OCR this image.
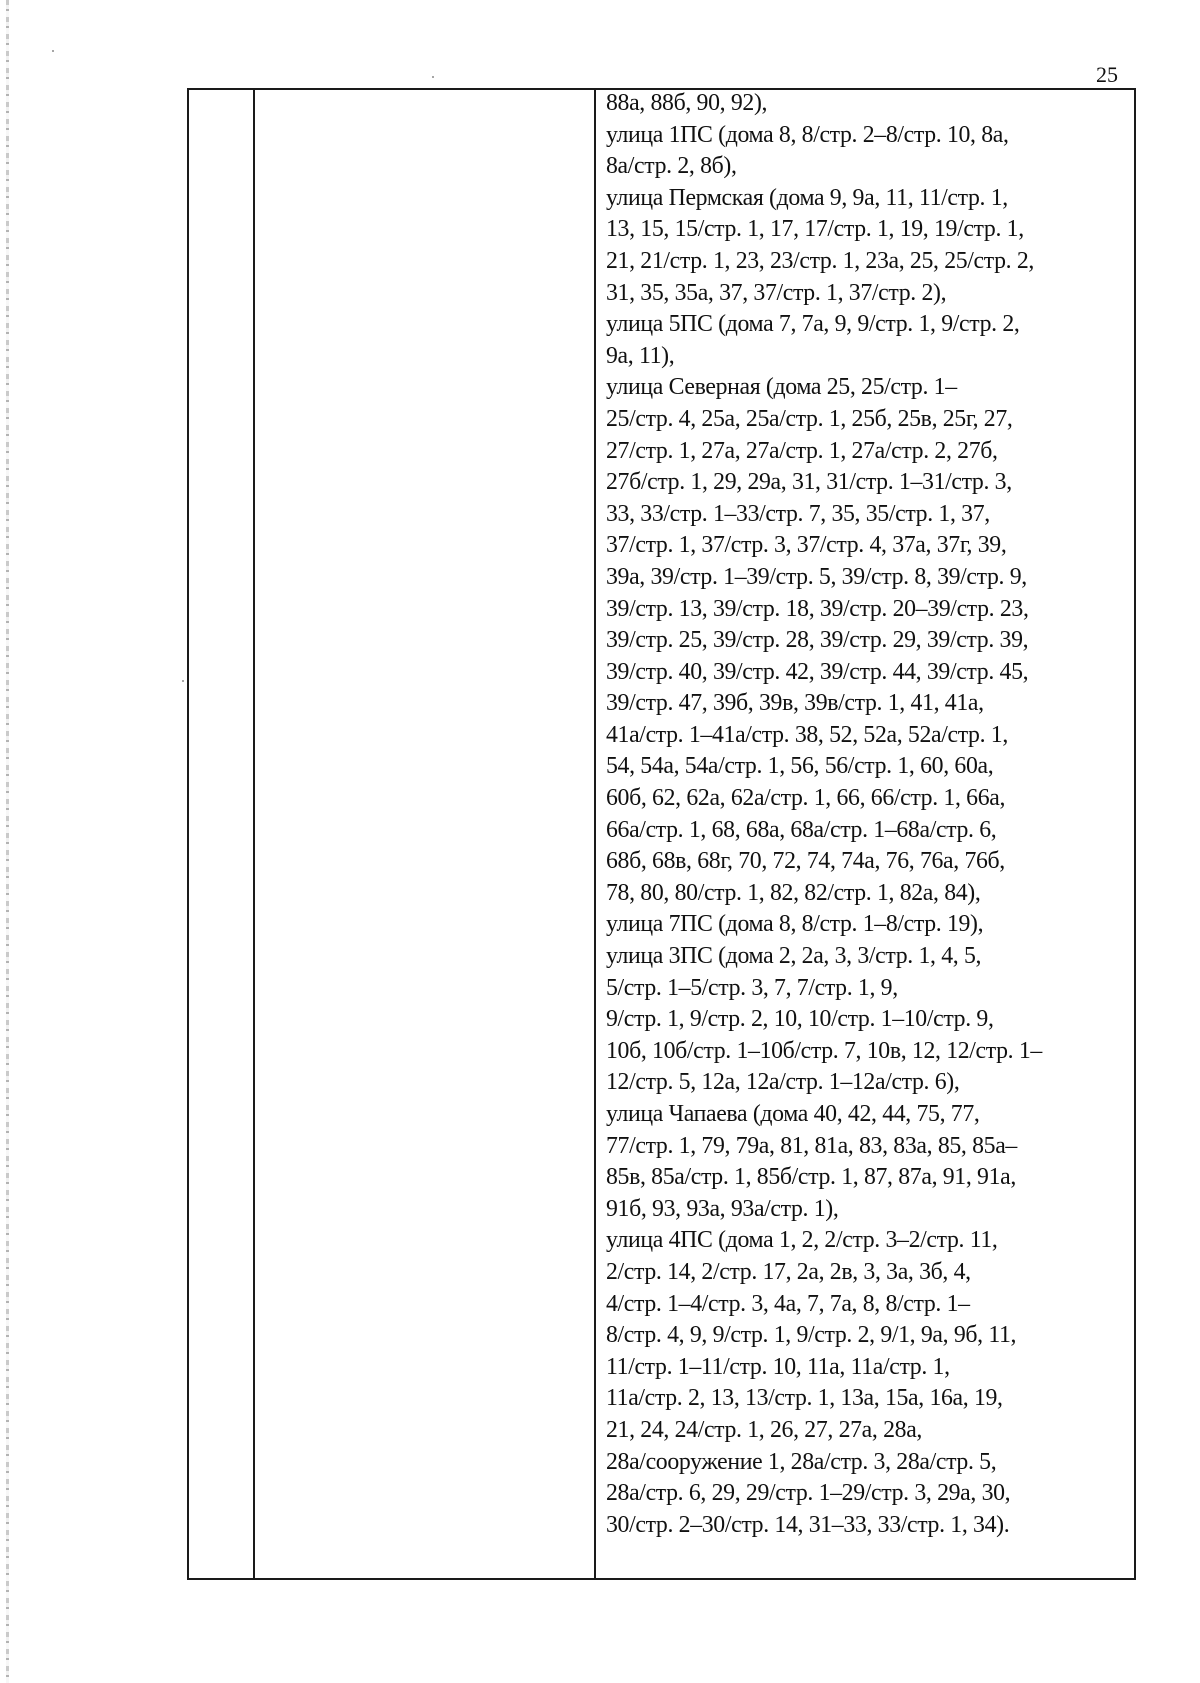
25
88а, 88б, 90, 92),
улица 1ПС (дома 8, 8/стр. 2–8/стр. 10, 8а,
8а/стр. 2, 8б),
улица Пермская (дома 9, 9а, 11, 11/стр. 1,
13, 15, 15/стр. 1, 17, 17/стр. 1, 19, 19/стр. 1,
21, 21/стр. 1, 23, 23/стр. 1, 23а, 25, 25/стр. 2,
31, 35, 35а, 37, 37/стр. 1, 37/стр. 2),
улица 5ПС (дома 7, 7а, 9, 9/стр. 1, 9/стр. 2,
9а, 11),
улица Северная (дома 25, 25/стр. 1–
25/стр. 4, 25а, 25а/стр. 1, 25б, 25в, 25г, 27,
27/стр. 1, 27а, 27а/стр. 1, 27а/стр. 2, 27б,
27б/стр. 1, 29, 29а, 31, 31/стр. 1–31/стр. 3,
33, 33/стр. 1–33/стр. 7, 35, 35/стр. 1, 37,
37/стр. 1, 37/стр. 3, 37/стр. 4, 37а, 37г, 39,
39а, 39/стр. 1–39/стр. 5, 39/стр. 8, 39/стр. 9,
39/стр. 13, 39/стр. 18, 39/стр. 20–39/стр. 23,
39/стр. 25, 39/стр. 28, 39/стр. 29, 39/стр. 39,
39/стр. 40, 39/стр. 42, 39/стр. 44, 39/стр. 45,
39/стр. 47, 39б, 39в, 39в/стр. 1, 41, 41а,
41а/стр. 1–41а/стр. 38, 52, 52а, 52а/стр. 1,
54, 54а, 54а/стр. 1, 56, 56/стр. 1, 60, 60а,
60б, 62, 62а, 62а/стр. 1, 66, 66/стр. 1, 66а,
66а/стр. 1, 68, 68а, 68а/стр. 1–68а/стр. 6,
68б, 68в, 68г, 70, 72, 74, 74а, 76, 76а, 76б,
78, 80, 80/стр. 1, 82, 82/стр. 1, 82а, 84),
улица 7ПС (дома 8, 8/стр. 1–8/стр. 19),
улица 3ПС (дома 2, 2а, 3, 3/стр. 1, 4, 5,
5/стр. 1–5/стр. 3, 7, 7/стр. 1, 9,
9/стр. 1, 9/стр. 2, 10, 10/стр. 1–10/стр. 9,
10б, 10б/стр. 1–10б/стр. 7, 10в, 12, 12/стр. 1–
12/стр. 5, 12а, 12а/стр. 1–12а/стр. 6),
улица Чапаева (дома 40, 42, 44, 75, 77,
77/стр. 1, 79, 79а, 81, 81а, 83, 83а, 85, 85а–
85в, 85а/стр. 1, 85б/стр. 1, 87, 87а, 91, 91а,
91б, 93, 93а, 93а/стр. 1),
улица 4ПС (дома 1, 2, 2/стр. 3–2/стр. 11,
2/стр. 14, 2/стр. 17, 2а, 2в, 3, 3а, 3б, 4,
4/стр. 1–4/стр. 3, 4а, 7, 7а, 8, 8/стр. 1–
8/стр. 4, 9, 9/стр. 1, 9/стр. 2, 9/1, 9а, 9б, 11,
11/стр. 1–11/стр. 10, 11а, 11а/стр. 1,
11а/стр. 2, 13, 13/стр. 1, 13а, 15а, 16а, 19,
21, 24, 24/стр. 1, 26, 27, 27а, 28а,
28а/сооружение 1, 28а/стр. 3, 28а/стр. 5,
28а/стр. 6, 29, 29/стр. 1–29/стр. 3, 29а, 30,
30/стр. 2–30/стр. 14, 31–33, 33/стр. 1, 34).
